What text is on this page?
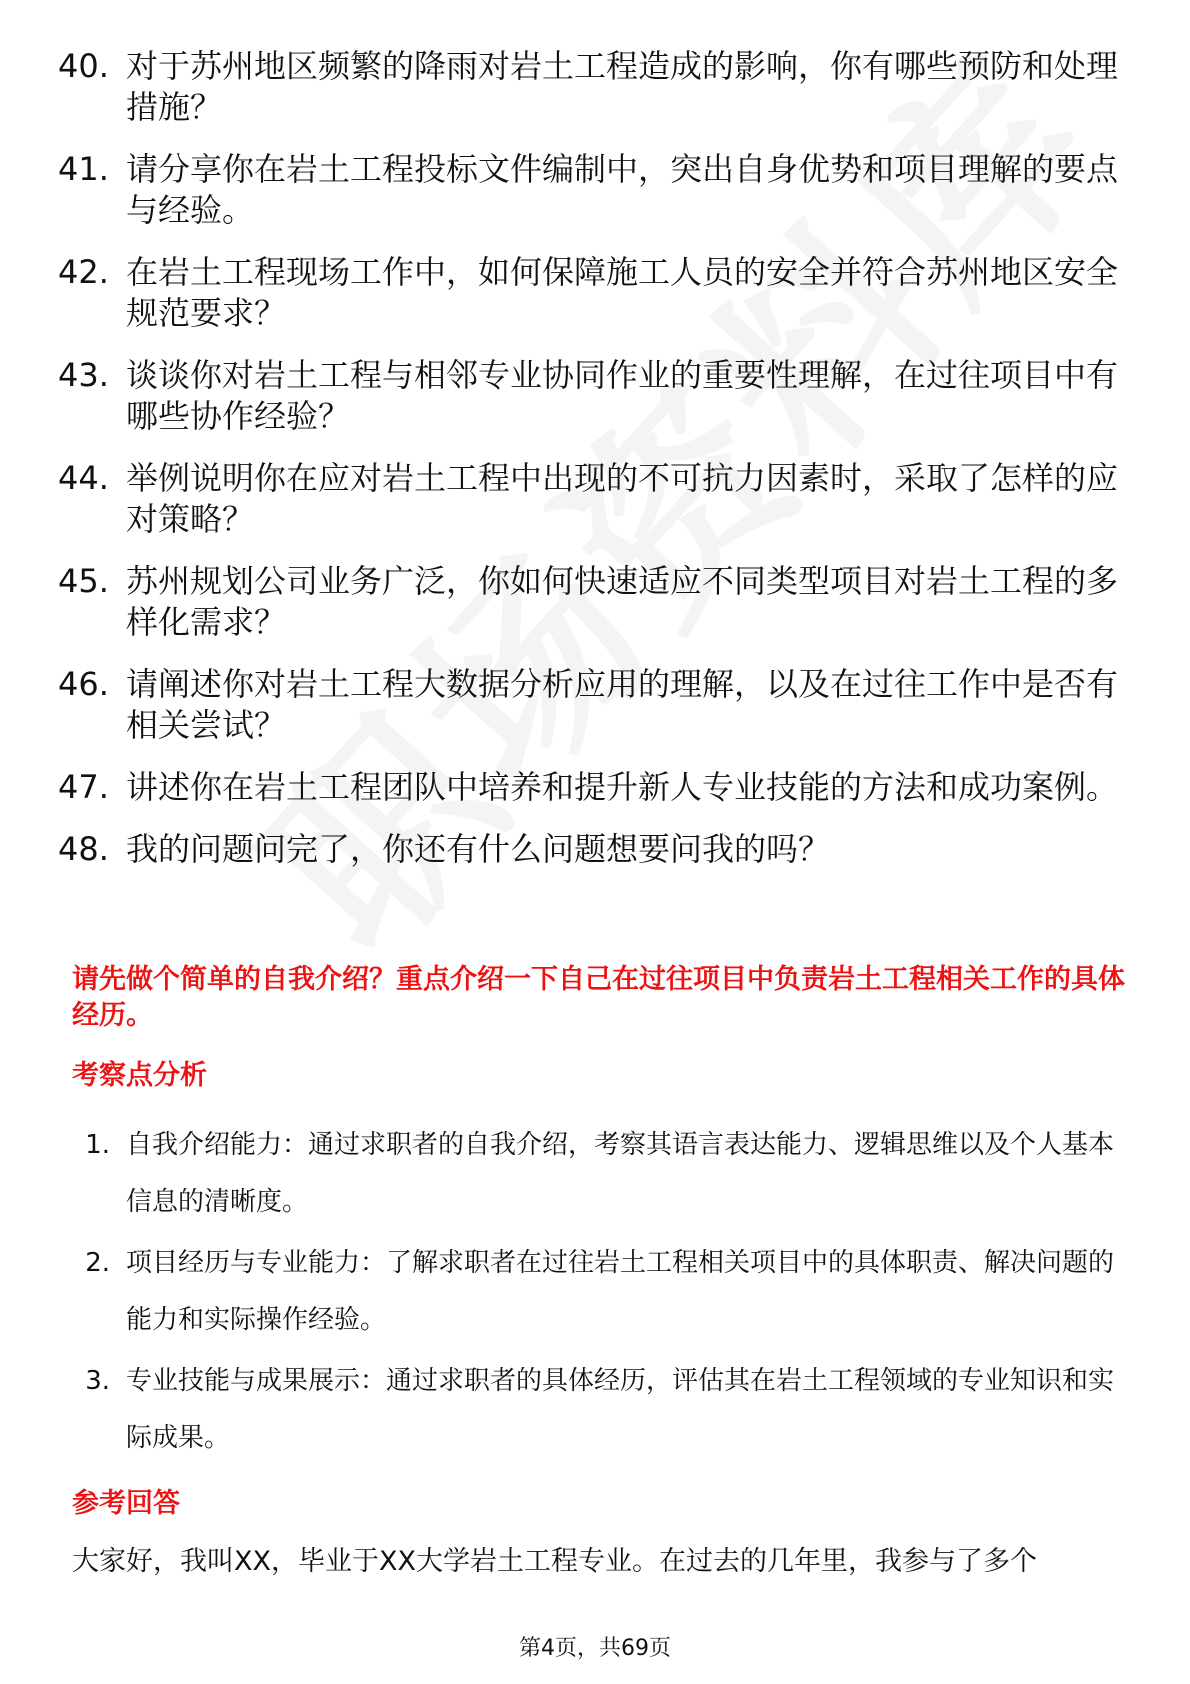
40. 对于苏州地区频繁的降雨对岩土工程造成的影响，你有哪些预防和处理措施？
41. 请分享你在岩土工程投标文件编制中，突出自身优势和项目理解的要点与经验。
42. 在岩土工程现场工作中，如何保障施工人员的安全并符合苏州地区安全规范要求？
43. 谈谈你对岩土工程与相邻专业协同作业的重要性理解，在过往项目中有哪些协作经验？
44. 举例说明你在应对岩土工程中出现的不可抗力因素时，采取了怎样的应对策略？
45. 苏州规划公司业务广泛，你如何快速适应不同类型项目对岩土工程的多样化需求？
46. 请阐述你对岩土工程大数据分析应用的理解，以及在过往工作中是否有相关尝试？
47. 讲述你在岩土工程团队中培养和提升新人专业技能的方法和成功案例。
48. 我的问题问完了，你还有什么问题想要问我的吗？

请先做个简单的自我介绍？重点介绍一下自己在过往项目中负责岩土工程相关工作的具体经历。

考察点分析
1. 自我介绍能力：通过求职者的自我介绍，考察其语言表达能力、逻辑思维以及个人基本信息的清晰度。
2. 项目经历与专业能力：了解求职者在过往岩土工程相关项目中的具体职责、解决问题的能力和实际操作经验。
3. 专业技能与成果展示：通过求职者的具体经历，评估其在岩土工程领域的专业知识和实际成果。
参考回答

大家好，我叫XX，毕业于XX大学岩土工程专业。在过去的几年里，我参与了多个

第4页，共69页
